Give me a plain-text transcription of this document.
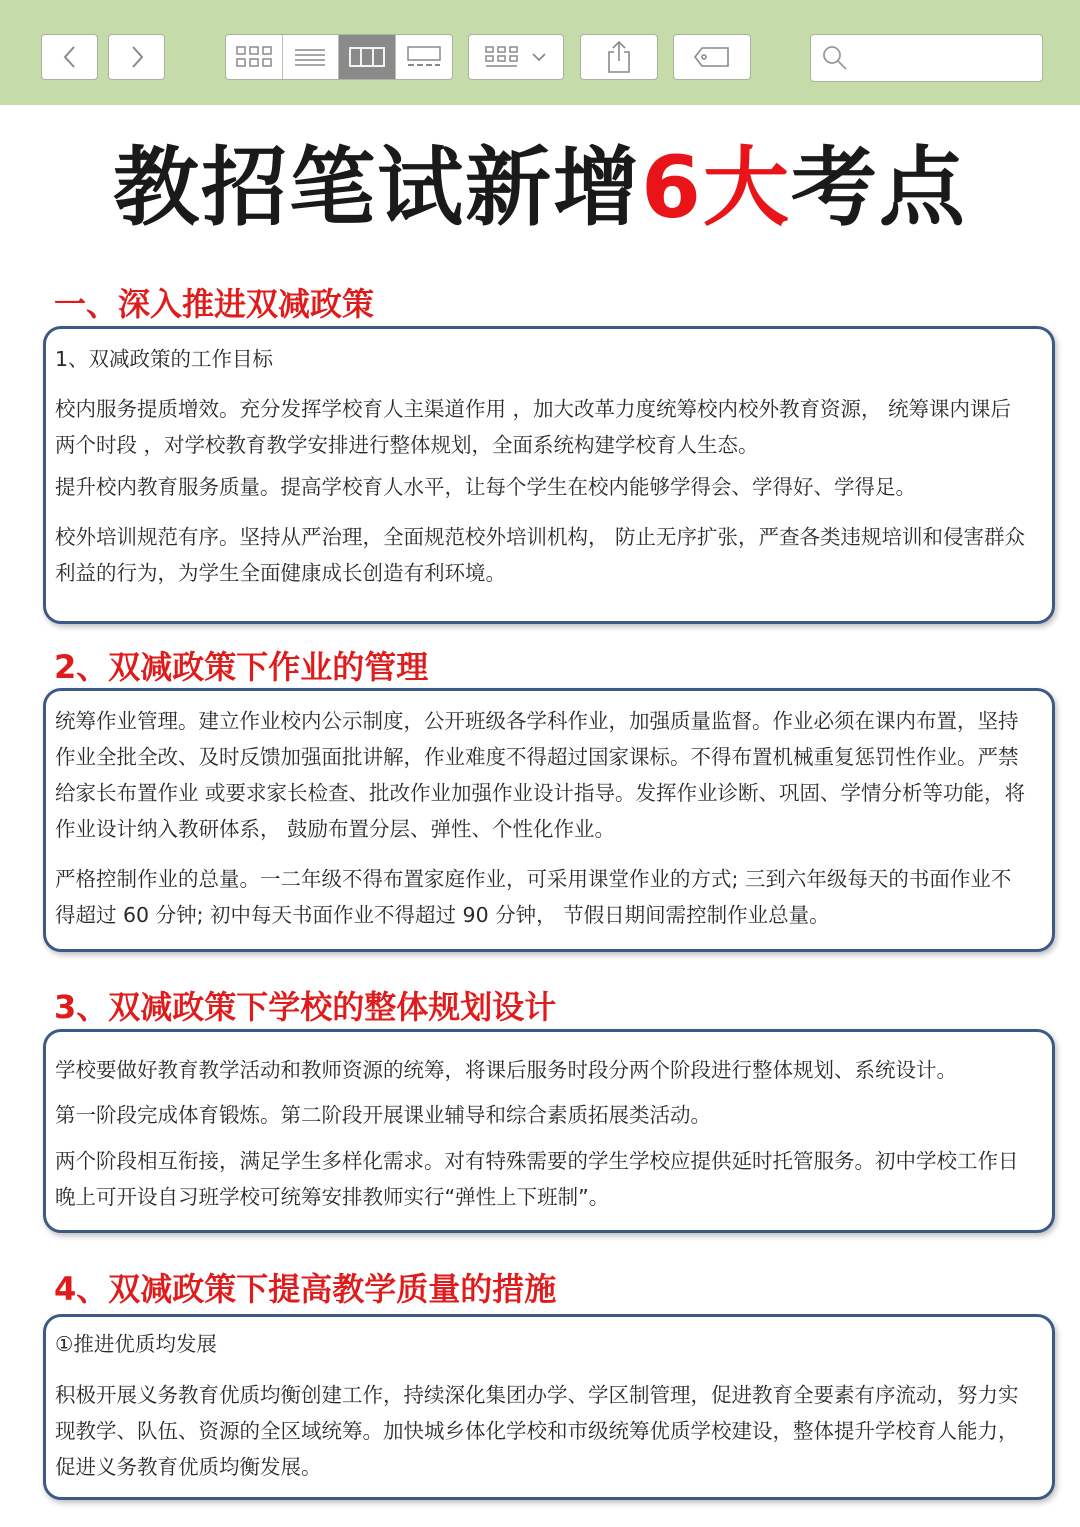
教招笔试新增6大考点
一、深入推进双减政策

1、双减政策的工作目标

校内服务提质增效。充分发挥学校育人主渠道作用 ，加大改革力度统筹校内校外教育资源， 统筹课内课后两个时段 ，对学校教育教学安排进行整体规划，全面系统构建学校育人生态。

提升校内教育服务质量。提高学校育人水平，让每个学生在校内能够学得会、学得好、学得足。

校外培训规范有序。坚持从严治理，全面规范校外培训机构， 防止无序扩张，严查各类违规培训和侵害群众利益的行为，为学生全面健康成长创造有利环境。

2、双减政策下作业的管理

统筹作业管理。建立作业校内公示制度，公开班级各学科作业，加强质量监督。作业必须在课内布置，坚持作业全批全改、及时反馈加强面批讲解，作业难度不得超过国家课标。不得布置机械重复惩罚性作业。严禁给家长布置作业 或要求家长检查、批改作业加强作业设计指导。发挥作业诊断、巩固、学情分析等功能，将作业设计纳入教研体系， 鼓励布置分层、弹性、个性化作业。

严格控制作业的总量。一二年级不得布置家庭作业，可采用课堂作业的方式; 三到六年级每天的书面作业不得超过 60 分钟; 初中每天书面作业不得超过 90 分钟， 节假日期间需控制作业总量。

3、双减政策下学校的整体规划设计

学校要做好教育教学活动和教师资源的统筹，将课后服务时段分两个阶段进行整体规划、系统设计。

第一阶段完成体育锻炼。第二阶段开展课业辅导和综合素质拓展类活动。

两个阶段相互衔接，满足学生多样化需求。对有特殊需要的学生学校应提供延时托管服务。初中学校工作日晚上可开设自习班学校可统筹安排教师实行“弹性上下班制”。

4、双减政策下提高教学质量的措施

①推进优质均发展

积极开展义务教育优质均衡创建工作，持续深化集团办学、学区制管理，促进教育全要素有序流动，努力实现教学、队伍、资源的全区域统筹。加快城乡体化学校和市级统筹优质学校建设，整体提升学校育人能力，促进义务教育优质均衡发展。
